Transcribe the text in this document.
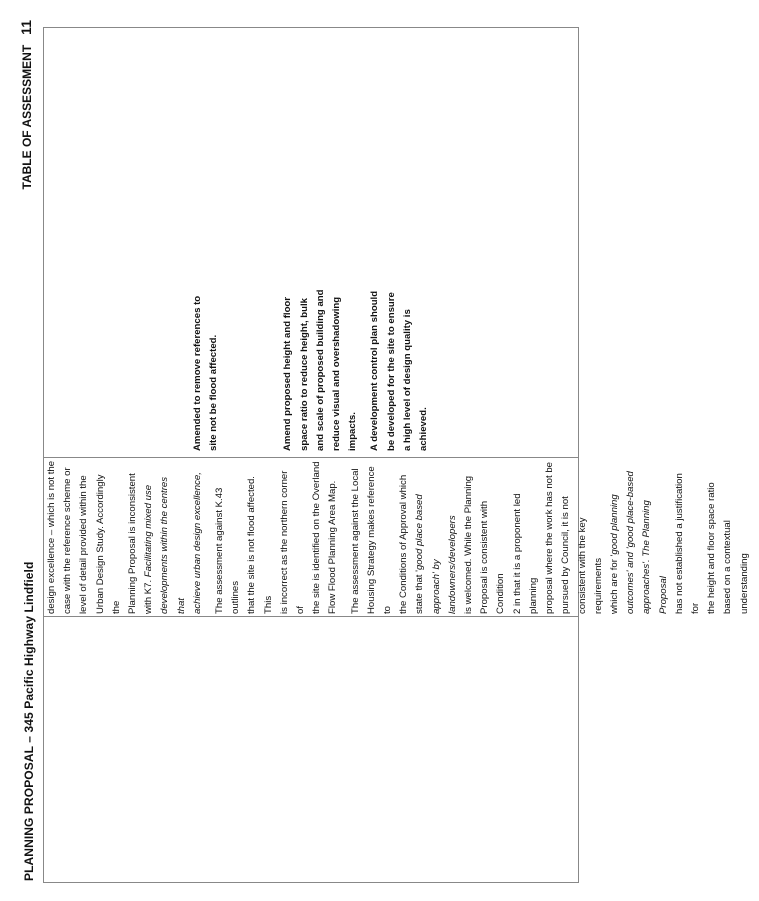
PLANNING PROPOSAL – 345 Pacific Highway Lindfield
TABLE OF ASSESSMENT
11

design excellence – which is not the case with the reference scheme or level of detail provided within the Urban Design Study. Accordingly the Planning Proposal is inconsistent with K7. Facilitating mixed use developments within the centres that achieve urban design excellence,	The assessment against K.43 outlines that the site is not flood affected. This is incorrect as the northern corner of the site is identified on the Overland Flow Flood Planning Area Map.	The assessment against the Local Housing Strategy makes reference to the Conditions of Approval which state that 'good place based
approach' by landowners/developers is welcomed. While the Planning Proposal is consistent with Condition 2 in that it is a proponent led planning proposal where the work has not be pursued by Council, it is not consistent with the key requirements which are for 'good planning
outcomes' and 'good place-based approaches'. The Planning Proposal has not established a justification for the height and floor space ratio based on a contextual understanding

Amended to remove references to site not be flood affected.	Amend proposed height and floor space ratio to reduce height, bulk and scale of proposed building and reduce visual and overshadowing impacts.	A development control plan should be developed for the site to ensure a high level of design quality is achieved.
